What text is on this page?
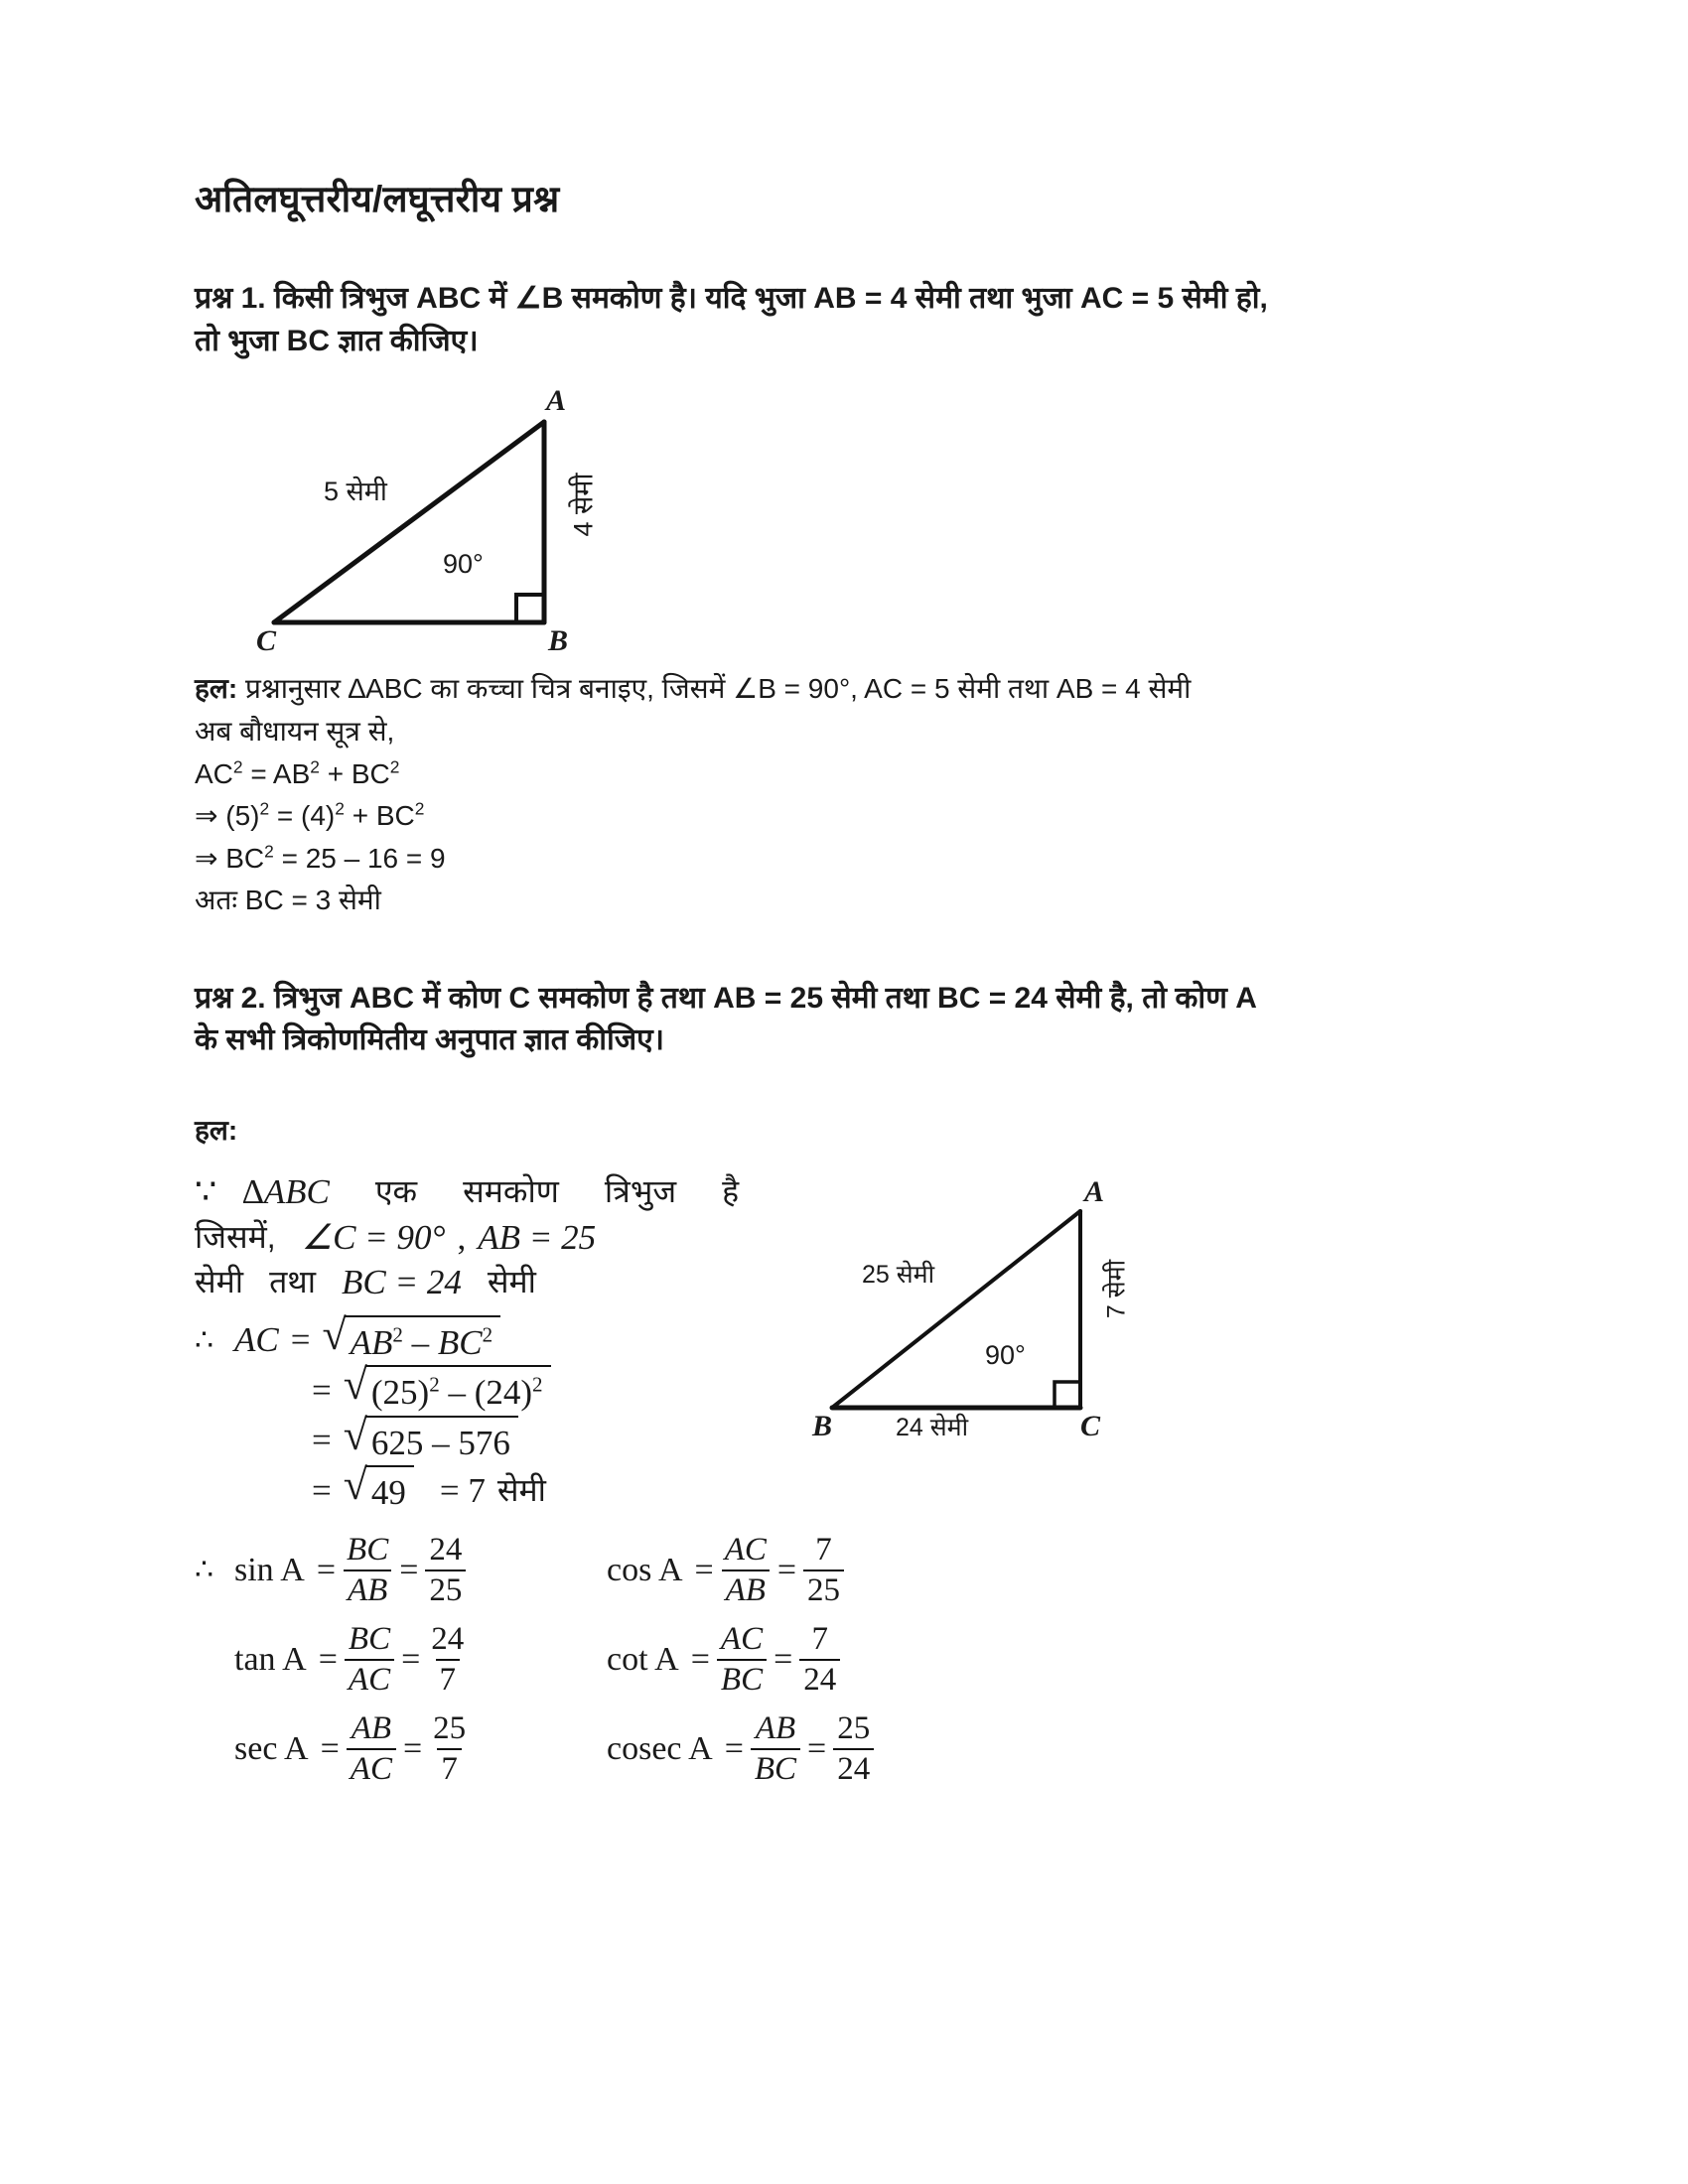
अतिलघूत्तरीय/लघूत्तरीय प्रश्न
प्रश्न 1. किसी त्रिभुज ABC में ∠B समकोण है। यदि भुजा AB = 4 सेमी तथा भुजा AC = 5 सेमी हो,
तो भुजा BC ज्ञात कीजिए।
A
B
C
5 सेमी	4 सेमी
90°
हल: प्रश्नानुसार ∆ABC का कच्चा चित्र बनाइए, जिसमें ∠B = 90°, AC = 5 सेमी तथा AB = 4 सेमी
अब बौधायन सूत्र से,
$AC^2 = AB^2 + BC^2$
⇒ $(5)^2 = (4)^2 + BC^2$
⇒ $BC^2 = 25 - 16 = 9$
अतः BC = 3 सेमी
प्रश्न 2. त्रिभुज ABC में कोण C समकोण है तथा AB = 25 सेमी तथा BC = 24 सेमी है, तो कोण A
के सभी त्रिकोणमितीय अनुपात ज्ञात कीजिए।
हल:
∵ ∆ABC एक समकोण त्रिभुज है
जिसमें, ∠C = 90° , AB = 25
सेमी तथा BC = 24 सेमी
∴ AC = √ $AB^2 - BC^2$
= √ $(25)^2 - (24)^2$
= √ 625 – 576
= √ 49 = 7 सेमी
A
B	C
25 सेमी	7 सेमी
24 सेमी
90°
∴ $\sin A = \frac{BC}{AB} = \frac{24}{25}$	$\cos A = \frac{AC}{AB} = \frac{7}{25}$
$\tan A = \frac{BC}{AC} = \frac{24}{7}$	$\cot A = \frac{AC}{BC} = \frac{7}{24}$
$\sec A = \frac{AB}{AC} = \frac{25}{7}$	cosec $A = \frac{AB}{BC} = \frac{25}{24}$
